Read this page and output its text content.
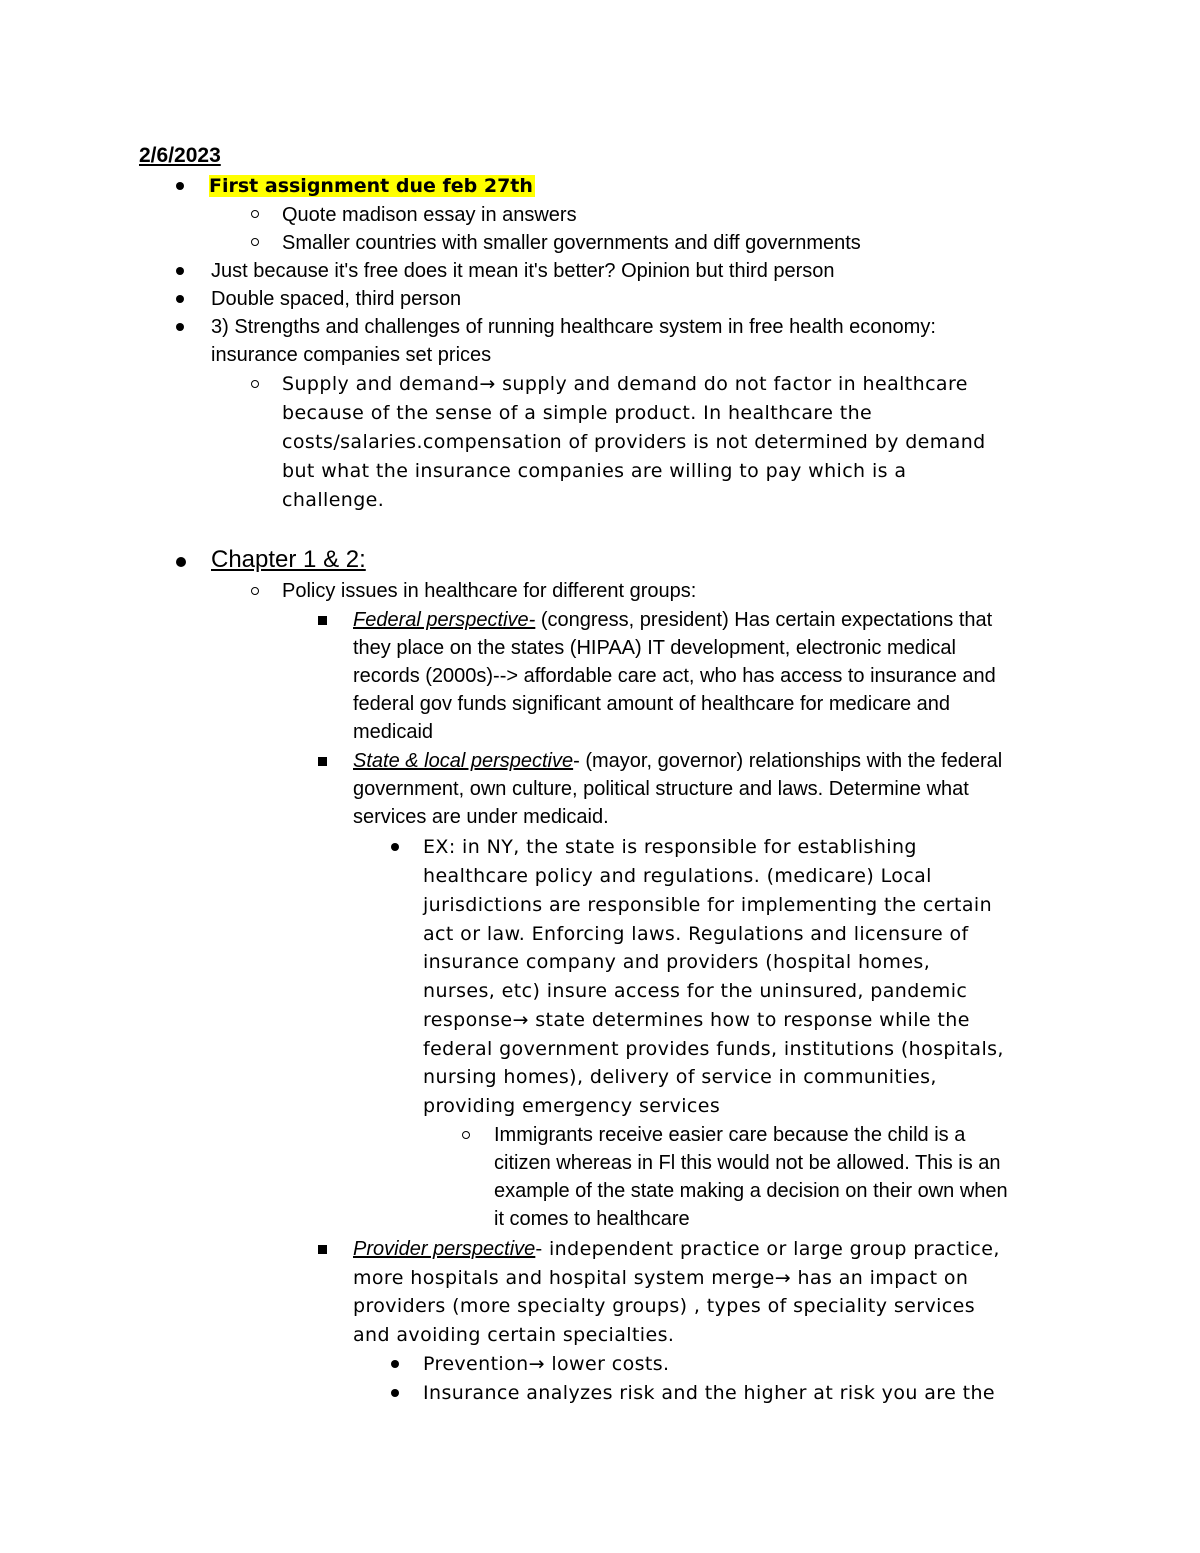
2/6/2023
First assignment due feb 27th
Quote madison essay in answers
Smaller countries with smaller governments and diff governments
Just because it's free does it mean it's better? Opinion but third person
Double spaced, third person
3) Strengths and challenges of running healthcare system in free health economy:
insurance companies set prices
Supply and demand→ supply and demand do not factor in healthcare
because of the sense of a simple product. In healthcare the
costs/salaries.compensation of providers is not determined by demand
but what the insurance companies are willing to pay which is a
challenge.
Chapter 1 & 2:
Policy issues in healthcare for different groups:
Federal perspective- (congress, president) Has certain expectations that
they place on the states (HIPAA) IT development, electronic medical
records (2000s)--> affordable care act, who has access to insurance and
federal gov funds significant amount of healthcare for medicare and
medicaid
State & local perspective- (mayor, governor) relationships with the federal
government, own culture, political structure and laws. Determine what
services are under medicaid.
EX: in NY, the state is responsible for establishing
healthcare policy and regulations. (medicare) Local
jurisdictions are responsible for implementing the certain
act or law. Enforcing laws. Regulations and licensure of
insurance company and providers (hospital homes,
nurses, etc) insure access for the uninsured, pandemic
response→ state determines how to response while the
federal government provides funds, institutions (hospitals,
nursing homes), delivery of service in communities,
providing emergency services
Immigrants receive easier care because the child is a
citizen whereas in Fl this would not be allowed. This is an
example of the state making a decision on their own when
it comes to healthcare
Provider perspective- independent practice or large group practice,
more hospitals and hospital system merge→ has an impact on
providers (more specialty groups) , types of speciality services
and avoiding certain specialties.
Prevention→ lower costs.
Insurance analyzes risk and the higher at risk you are the
